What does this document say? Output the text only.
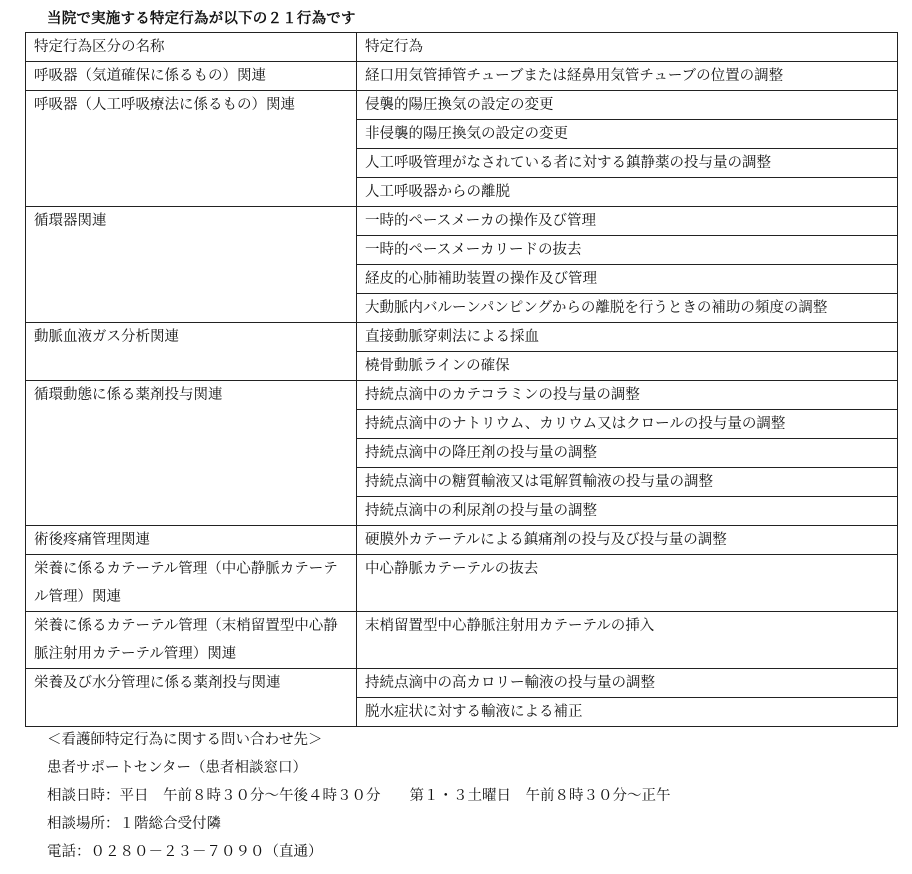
当院で実施する特定行為が以下の２１行為です
特定行為区分の名称	特定行為
呼吸器（気道確保に係るもの）関連	経口用気管挿管チューブまたは経鼻用気管チューブの位置の調整
呼吸器（人工呼吸療法に係るもの）関連	侵襲的陽圧換気の設定の変更
	非侵襲的陽圧換気の設定の変更
	人工呼吸管理がなされている者に対する鎮静薬の投与量の調整
	人工呼吸器からの離脱
循環器関連	一時的ペースメーカの操作及び管理
	一時的ペースメーカリードの抜去
	経皮的心肺補助装置の操作及び管理
	大動脈内バルーンパンピングからの離脱を行うときの補助の頻度の調整
動脈血液ガス分析関連	直接動脈穿刺法による採血
	橈骨動脈ラインの確保
循環動態に係る薬剤投与関連	持続点滴中のカテコラミンの投与量の調整
	持続点滴中のナトリウム、カリウム又はクロールの投与量の調整
	持続点滴中の降圧剤の投与量の調整
	持続点滴中の糖質輸液又は電解質輸液の投与量の調整
	持続点滴中の利尿剤の投与量の調整
術後疼痛管理関連	硬膜外カテーテルによる鎮痛剤の投与及び投与量の調整
栄養に係るカテーテル管理（中心静脈カテーテル管理）関連	中心静脈カテーテルの抜去
栄養に係るカテーテル管理（末梢留置型中心静脈注射用カテーテル管理）関連	末梢留置型中心静脈注射用カテーテルの挿入
栄養及び水分管理に係る薬剤投与関連	持続点滴中の高カロリー輸液の投与量の調整
	脱水症状に対する輸液による補正
＜看護師特定行為に関する問い合わせ先＞
患者サポートセンター（患者相談窓口）
相談日時：平日　午前８時３０分～午後４時３０分　　第１・３土曜日　午前８時３０分～正午
相談場所：１階総合受付隣
電話：０２８０－２３－７０９０（直通）
